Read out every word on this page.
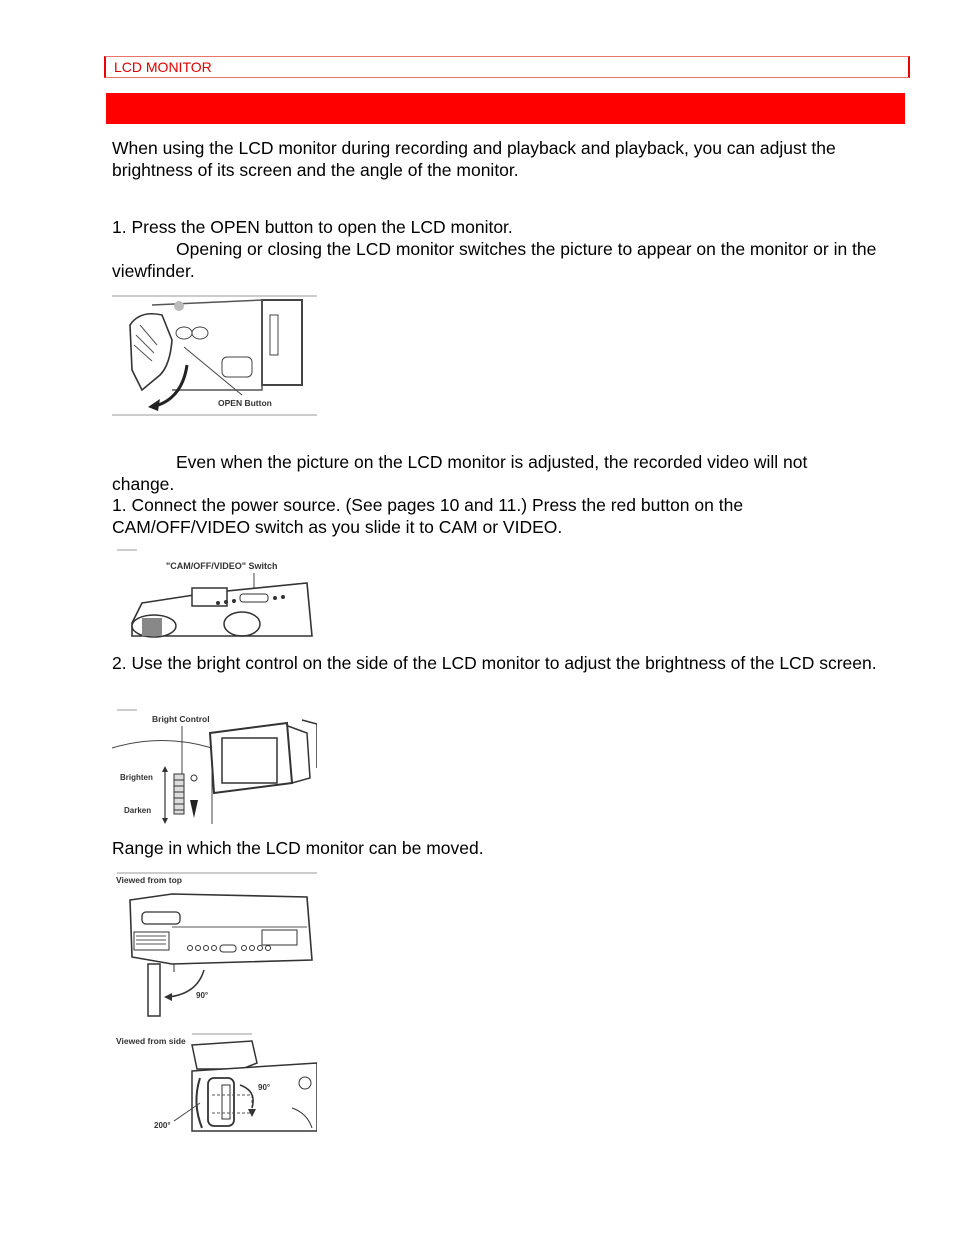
LCD MONITOR

When using the LCD monitor during recording and playback and playback, you can adjust the brightness of its screen and the angle of the monitor.

1. Press the OPEN button to open the LCD monitor.

Opening or closing the LCD monitor switches the picture to appear on the monitor or in the viewfinder.

OPEN Button

Even when the picture on the LCD monitor is adjusted, the recorded video will not change.

1. Connect the power source. (See pages 10 and 11.) Press the red button on the CAM/OFF/VIDEO switch as you slide it to CAM or VIDEO.

"CAM/OFF/VIDEO" Switch

2. Use the bright control on the side of the LCD monitor to adjust the brightness of the LCD screen.

Bright Control
Brighten
Darken

Range in which the LCD monitor can be moved.

Viewed from top
90°
Viewed from side
90°
200°
